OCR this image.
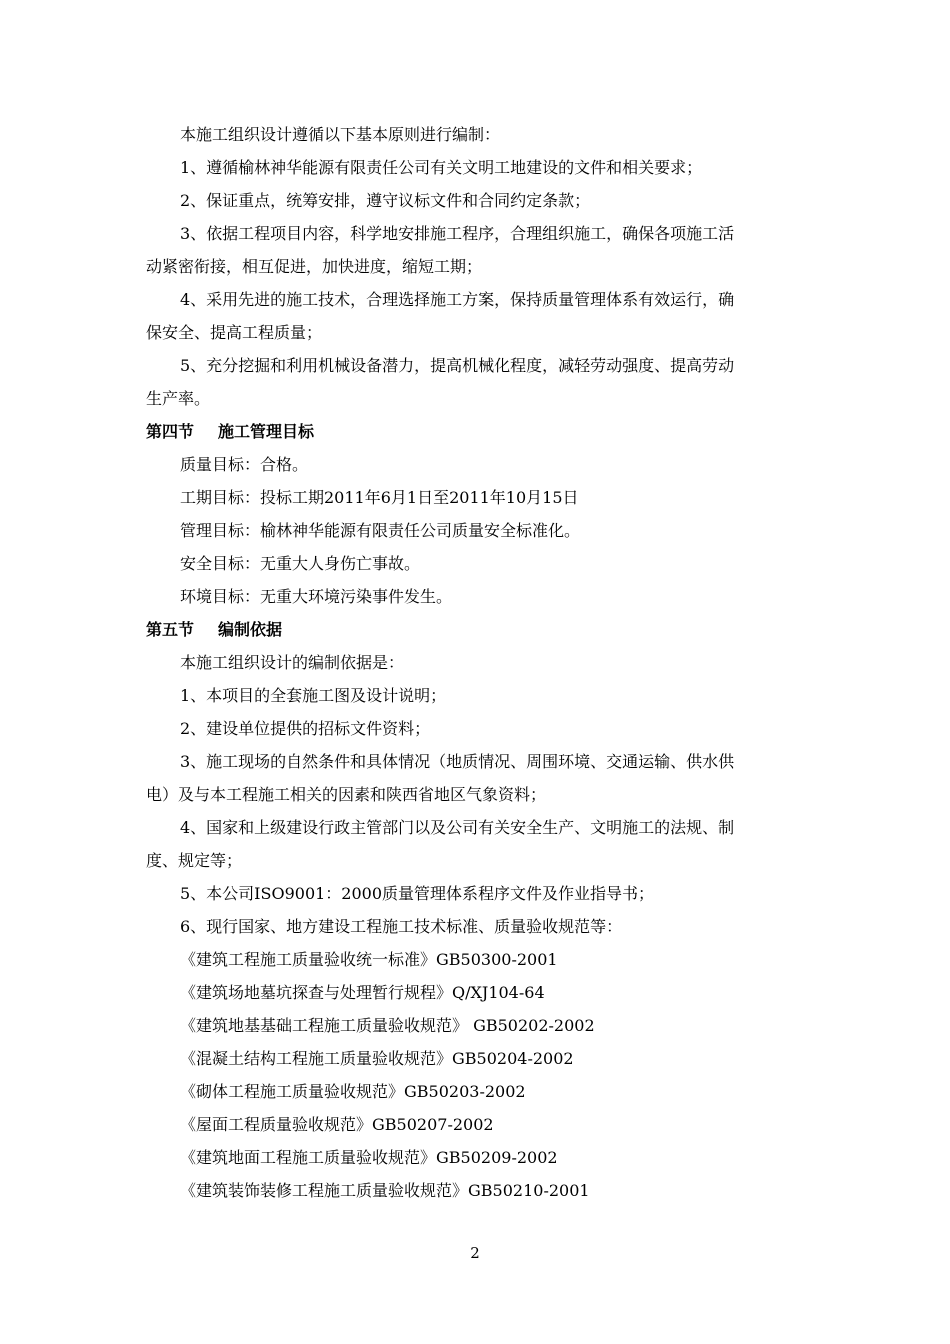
本施工组织设计遵循以下基本原则进行编制：
1、遵循榆林神华能源有限责任公司有关文明工地建设的文件和相关要求；
2、保证重点，统筹安排，遵守议标文件和合同约定条款；
3、依据工程项目内容，科学地安排施工程序，合理组织施工，确保各项施工活
动紧密衔接，相互促进，加快进度，缩短工期；
4、采用先进的施工技术，合理选择施工方案，保持质量管理体系有效运行，确
保安全、提高工程质量；
5、充分挖掘和利用机械设备潜力，提高机械化程度，减轻劳动强度、提高劳动
生产率。
第四节 施工管理目标
质量目标：合格。
工期目标：投标工期2011年6月1日至2011年10月15日
管理目标：榆林神华能源有限责任公司质量安全标准化。
安全目标：无重大人身伤亡事故。
环境目标：无重大环境污染事件发生。
第五节 编制依据
本施工组织设计的编制依据是：
1、本项目的全套施工图及设计说明；
2、建设单位提供的招标文件资料；
3、施工现场的自然条件和具体情况（地质情况、周围环境、交通运输、供水供
电）及与本工程施工相关的因素和陕西省地区气象资料；
4、国家和上级建设行政主管部门以及公司有关安全生产、文明施工的法规、制
度、规定等；
5、本公司ISO9001：2000质量管理体系程序文件及作业指导书；
6、现行国家、地方建设工程施工技术标准、质量验收规范等：
《建筑工程施工质量验收统一标准》GB50300-2001
《建筑场地墓坑探查与处理暂行规程》Q/XJ104-64
《建筑地基基础工程施工质量验收规范》 GB50202-2002
《混凝土结构工程施工质量验收规范》GB50204-2002
《砌体工程施工质量验收规范》GB50203-2002
《屋面工程质量验收规范》GB50207-2002
《建筑地面工程施工质量验收规范》GB50209-2002
《建筑装饰装修工程施工质量验收规范》GB50210-2001
2
